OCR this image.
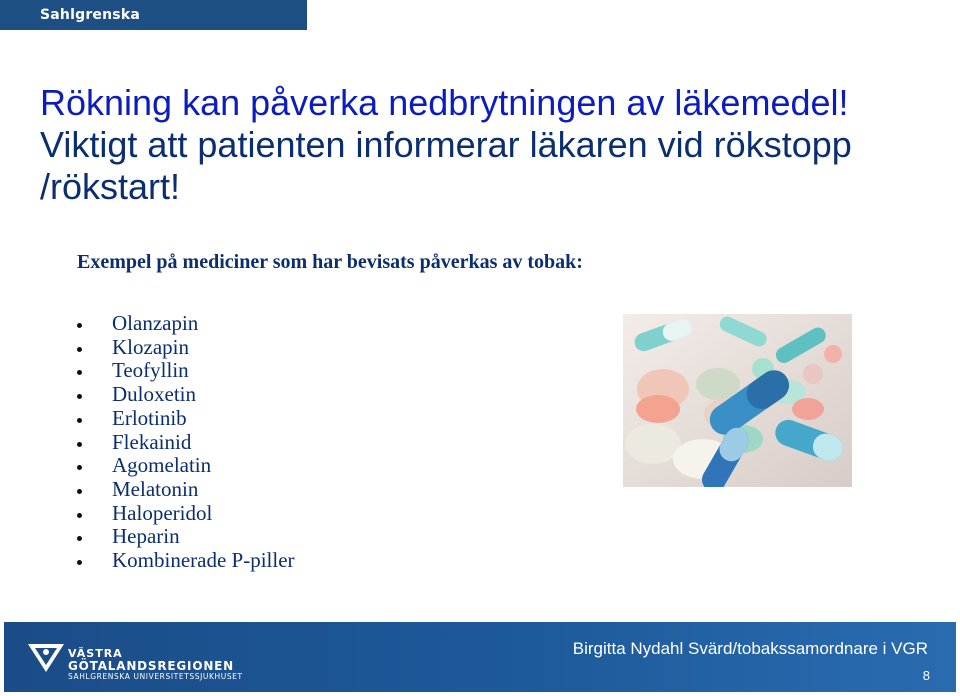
Sahlgrenska Universitetssjukhuset
Rökning kan påverka nedbrytningen av läkemedel!
Viktigt att patienten informerar läkaren vid rökstopp /rökstart!

Exempel på mediciner som har bevisats påverkas av tobak:

Olanzapin
Klozapin
Teofyllin
Duloxetin
Erlotinib
Flekainid
Agomelatin
Melatonin
Haloperidol
Heparin
Kombinerade P-piller
VÄSTRA
GÖTALANDSREGIONEN
SAHLGRENSKA UNIVERSITETSSJUKHUSET
Birgitta Nydahl Svärd/tobakssamordnare i VGR
8
